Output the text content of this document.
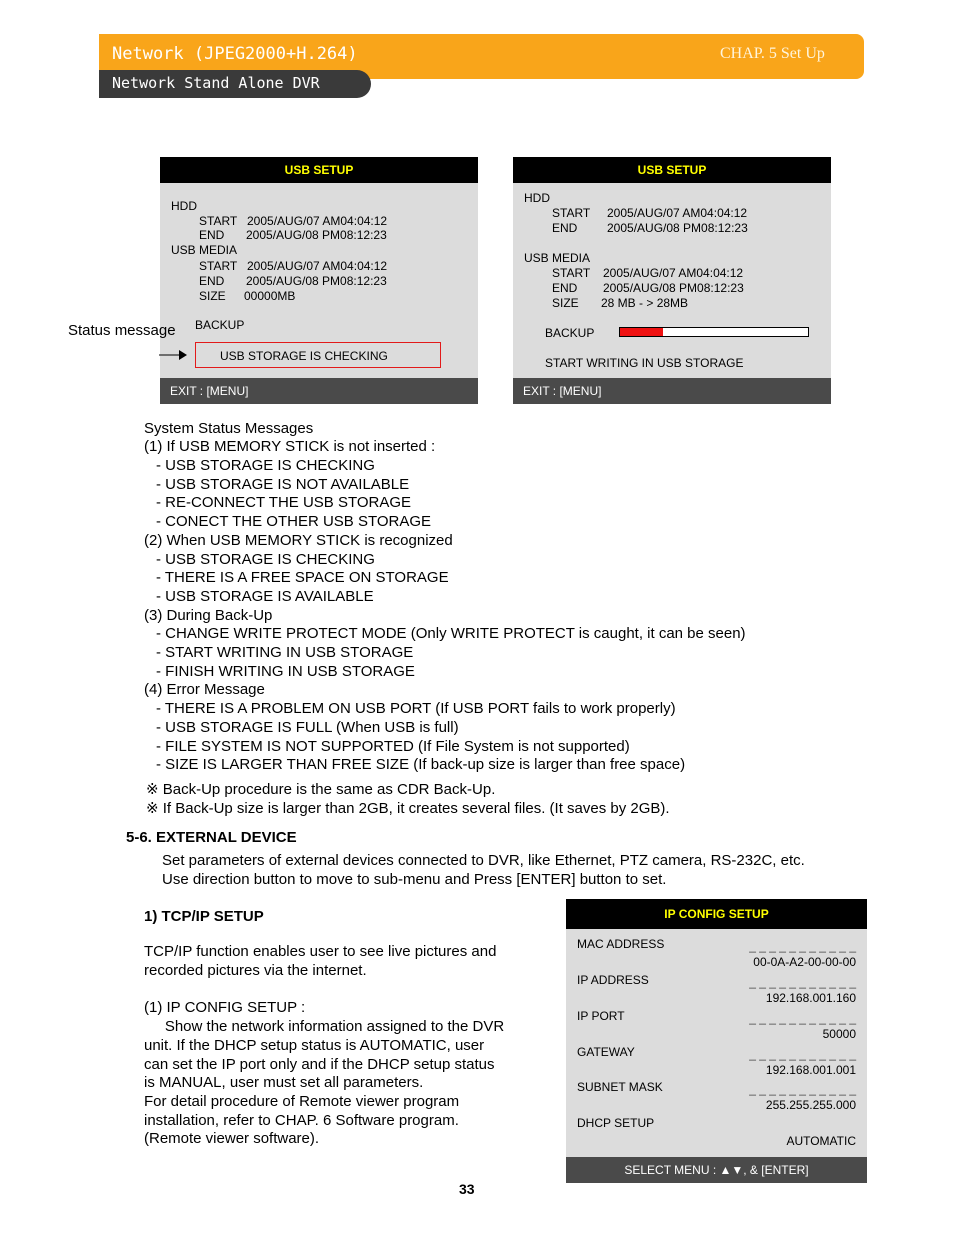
Network (JPEG2000+H.264)	CHAP. 5 Set Up
Network Stand Alone DVR
USB SETUP
HDD
START 2005/AUG/07 AM04:04:12
END 2005/AUG/08 PM08:12:23
USB MEDIA
START 2005/AUG/07 AM04:04:12
END 2005/AUG/08 PM08:12:23
SIZE 00000MB
BACKUP
USB STORAGE IS CHECKING
EXIT : [MENU]
Status message
USB SETUP
HDD
START 2005/AUG/07 AM04:04:12
END 2005/AUG/08 PM08:12:23
USB MEDIA
START 2005/AUG/07 AM04:04:12
END 2005/AUG/08 PM08:12:23
SIZE 28 MB - > 28MB
BACKUP
START WRITING IN USB STORAGE
EXIT : [MENU]
System Status Messages
(1) If USB MEMORY STICK is not inserted :
- USB STORAGE IS CHECKING
- USB STORAGE IS NOT AVAILABLE
- RE-CONNECT THE USB STORAGE
- CONECT THE OTHER USB STORAGE
(2) When USB MEMORY STICK is recognized
- USB STORAGE IS CHECKING
- THERE IS A FREE SPACE ON STORAGE
- USB STORAGE IS AVAILABLE
(3) During Back-Up
- CHANGE WRITE PROTECT MODE (Only WRITE PROTECT is caught, it can be seen)
- START WRITING IN USB STORAGE
- FINISH WRITING IN USB STORAGE
(4) Error Message
- THERE IS A PROBLEM ON USB PORT (If USB PORT fails to work properly)
- USB STORAGE IS FULL (When USB is full)
- FILE SYSTEM IS NOT SUPPORTED (If File System is not supported)
- SIZE IS LARGER THAN FREE SIZE (If back-up size is larger than free space)
※ Back-Up procedure is the same as CDR Back-Up.
※ If Back-Up size is larger than 2GB, it creates several files. (It saves by 2GB).
5-6. EXTERNAL DEVICE
Set parameters of external devices connected to DVR, like Ethernet, PTZ camera, RS-232C, etc.
Use direction button to move to sub-menu and Press [ENTER] button to set.
1) TCP/IP SETUP
TCP/IP function enables user to see live pictures and
recorded pictures via the internet.
(1) IP CONFIG SETUP :
Show the network information assigned to the DVR
unit. If the DHCP setup status is AUTOMATIC, user
can set the IP port only and if the DHCP setup status
is MANUAL, user must set all parameters.
For detail procedure of Remote viewer program
installation, refer to CHAP. 6 Software program.
(Remote viewer software).
IP CONFIG SETUP
MAC ADDRESS	_ _ _ _ _ _ _ _ _ _ _
00-0A-A2-00-00-00
IP ADDRESS	_ _ _ _ _ _ _ _ _ _ _
192.168.001.160
IP PORT	_ _ _ _ _ _ _ _ _ _ _
50000
GATEWAY	_ _ _ _ _ _ _ _ _ _ _
192.168.001.001
SUBNET MASK	_ _ _ _ _ _ _ _ _ _ _
255.255.255.000
DHCP SETUP
AUTOMATIC
SELECT MENU : ▲▼, & [ENTER]
33
